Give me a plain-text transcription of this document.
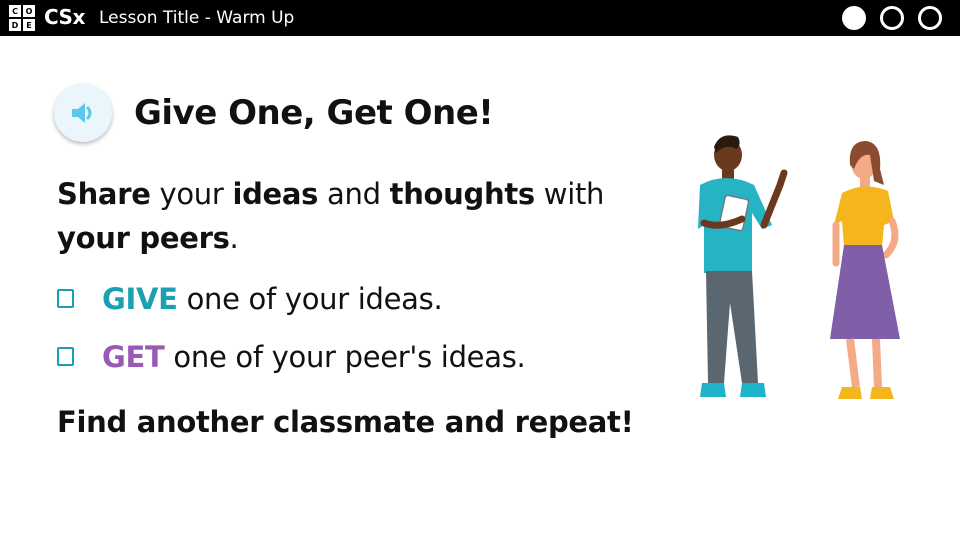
C O
D E CSx Lesson Title - Warm Up
Give One, Get One!
Share your ideas and thoughts with
your peers.
GIVE one of your ideas.
GET one of your peer's ideas.
Find another classmate and repeat!
